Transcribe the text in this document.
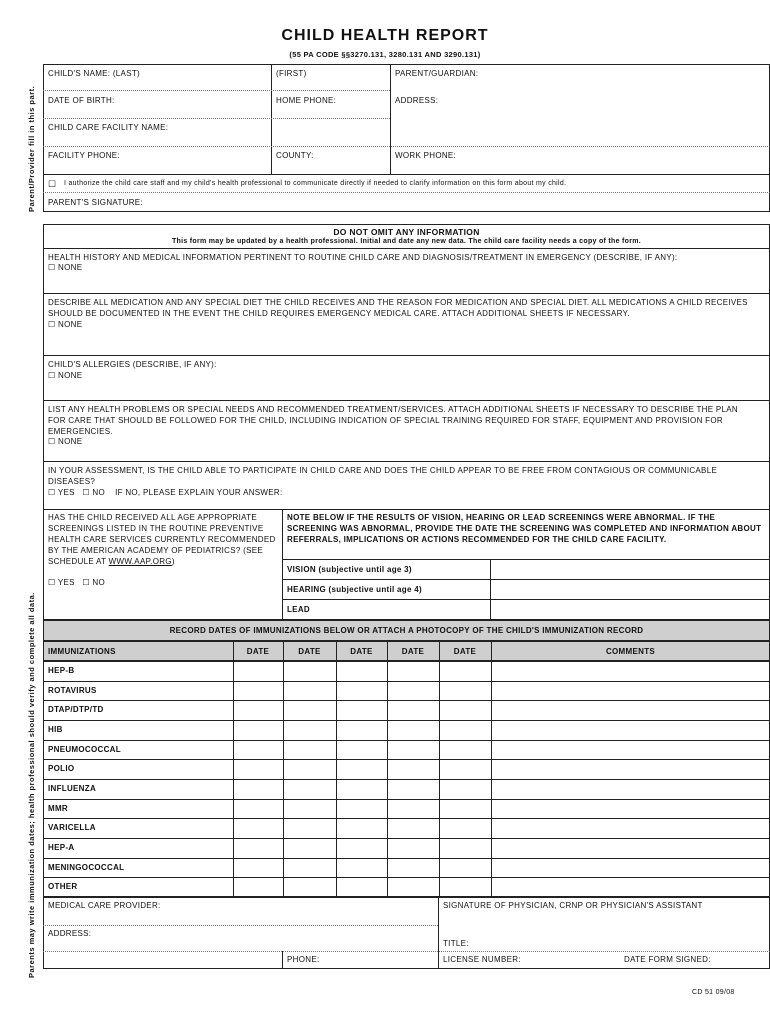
CHILD HEALTH REPORT
(55 PA CODE §§3270.131, 3280.131 AND 3290.131)
Parent/Provider fill in this part.
Parents may write immunization dates; health professional should verify and complete all data.
CHILD'S NAME: (LAST)	(FIRST)	PARENT/GUARDIAN:
DATE OF BIRTH:	HOME PHONE:	ADDRESS:
CHILD CARE FACILITY NAME:
FACILITY PHONE:	COUNTY:	WORK PHONE:
☐
I authorize the child care staff and my child's health professional to communicate directly if needed to clarify information on this form about my child.
PARENT'S SIGNATURE:
DO NOT OMIT ANY INFORMATION
This form may be updated by a health professional. Initial and date any new data. The child care facility needs a copy of the form.
HEALTH HISTORY AND MEDICAL INFORMATION PERTINENT TO ROUTINE CHILD CARE AND DIAGNOSIS/TREATMENT IN EMERGENCY (DESCRIBE, IF ANY):
☐ NONE
DESCRIBE ALL MEDICATION AND ANY SPECIAL DIET THE CHILD RECEIVES AND THE REASON FOR MEDICATION AND SPECIAL DIET. ALL MEDICATIONS A CHILD RECEIVES SHOULD BE DOCUMENTED IN THE EVENT THE CHILD REQUIRES EMERGENCY MEDICAL CARE. ATTACH ADDITIONAL SHEETS IF NECESSARY.
☐ NONE
CHILD'S ALLERGIES (DESCRIBE, IF ANY):
☐ NONE
LIST ANY HEALTH PROBLEMS OR SPECIAL NEEDS AND RECOMMENDED TREATMENT/SERVICES. ATTACH ADDITIONAL SHEETS IF NECESSARY TO DESCRIBE THE PLAN FOR CARE THAT SHOULD BE FOLLOWED FOR THE CHILD, INCLUDING INDICATION OF SPECIAL TRAINING REQUIRED FOR STAFF, EQUIPMENT AND PROVISION FOR EMERGENCIES.
☐ NONE
IN YOUR ASSESSMENT, IS THE CHILD ABLE TO PARTICIPATE IN CHILD CARE AND DOES THE CHILD APPEAR TO BE FREE FROM CONTAGIOUS OR COMMUNICABLE DISEASES?
☐ YES ☐ NO IF NO, PLEASE EXPLAIN YOUR ANSWER:
HAS THE CHILD RECEIVED ALL AGE APPROPRIATE SCREENINGS LISTED IN THE ROUTINE PREVENTIVE HEALTH CARE SERVICES CURRENTLY RECOMMENDED BY THE AMERICAN ACADEMY OF PEDIATRICS? (SEE SCHEDULE AT WWW.AAP.ORG)
☐ YES ☐ NO
NOTE BELOW IF THE RESULTS OF VISION, HEARING OR LEAD SCREENINGS WERE ABNORMAL. IF THE SCREENING WAS ABNORMAL, PROVIDE THE DATE THE SCREENING WAS COMPLETED AND INFORMATION ABOUT REFERRALS, IMPLICATIONS OR ACTIONS RECOMMENDED FOR THE CHILD CARE FACILITY.
VISION (subjective until age 3)
HEARING (subjective until age 4)
LEAD
RECORD DATES OF IMMUNIZATIONS BELOW OR ATTACH A PHOTOCOPY OF THE CHILD'S IMMUNIZATION RECORD
IMMUNIZATIONS	DATE	DATE	DATE	DATE	DATE	COMMENTS
HEP-B
ROTAVIRUS
DTAP/DTP/TD
HIB
PNEUMOCOCCAL
POLIO
INFLUENZA
MMR
VARICELLA
HEP-A
MENINGOCOCCAL
OTHER
MEDICAL CARE PROVIDER:	SIGNATURE OF PHYSICIAN, CRNP OR PHYSICIAN'S ASSISTANT
ADDRESS:
TITLE:
PHONE:	LICENSE NUMBER:	DATE FORM SIGNED:
CD 51 09/08
